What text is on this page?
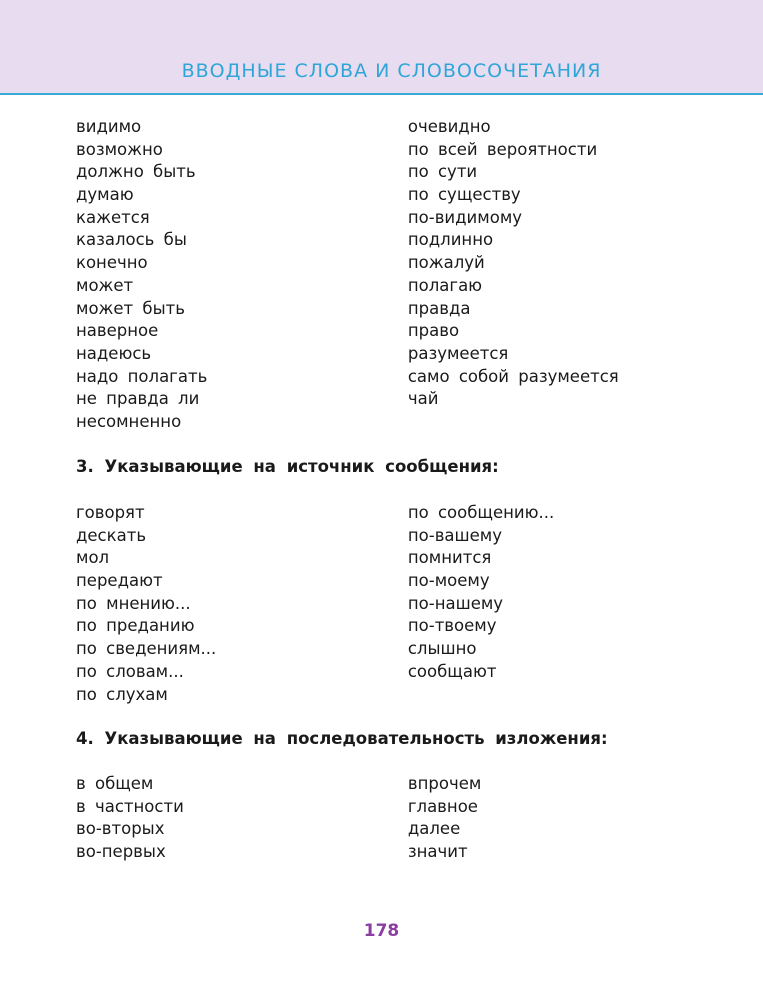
ВВОДНЫЕ СЛОВА И СЛОВОСОЧЕТАНИЯ
видимо
возможно
должно быть
думаю
кажется
казалось бы
конечно
может
может быть
наверное
надеюсь
надо полагать
не правда ли
несомненно
очевидно
по всей вероятности
по сути
по существу
по-видимому
подлинно
пожалуй
полагаю
правда
право
разумеется
само собой разумеется
чай
3. Указывающие на источник сообщения:
говорят
дескать
мол
передают
по мнению...
по преданию
по сведениям...
по словам...
по слухам
по сообщению...
по-вашему
помнится
по-моему
по-нашему
по-твоему
слышно
сообщают
4. Указывающие на последовательность изложения:
в общем
в частности
во-вторых
во-первых
впрочем
главное
далее
значит
178
